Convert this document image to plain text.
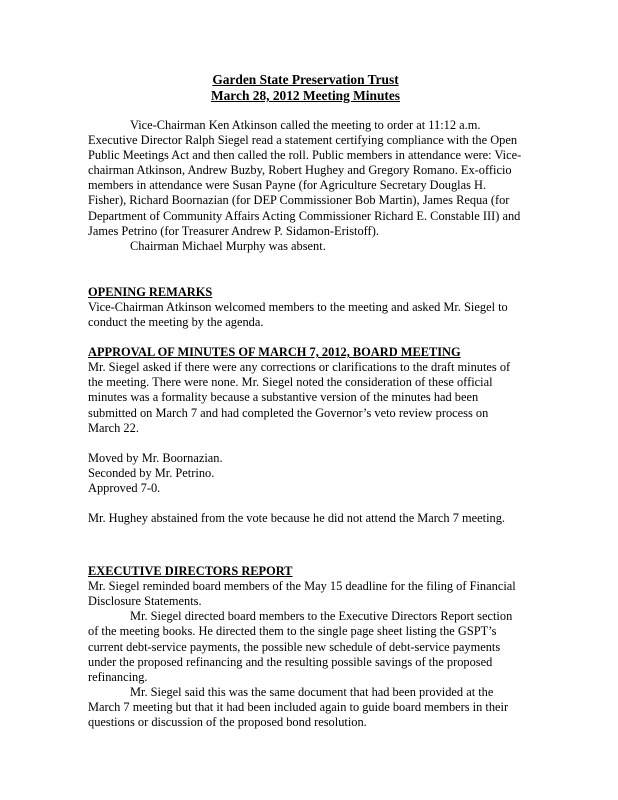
Garden State Preservation Trust

March 28, 2012 Meeting Minutes

Vice-Chairman Ken Atkinson called the meeting to order at 11:12 a.m. Executive Director Ralph Siegel read a statement certifying compliance with the Open Public Meetings Act and then called the roll. Public members in attendance were: Vice-chairman Atkinson, Andrew Buzby, Robert Hughey and Gregory Romano. Ex-officio members in attendance were Susan Payne (for Agriculture Secretary Douglas H. Fisher), Richard Boornazian (for DEP Commissioner Bob Martin), James Requa (for Department of Community Affairs Acting Commissioner Richard E. Constable III) and James Petrino (for Treasurer Andrew P. Sidamon-Eristoff).

Chairman Michael Murphy was absent.

OPENING REMARKS

Vice-Chairman Atkinson welcomed members to the meeting and asked Mr. Siegel to conduct the meeting by the agenda.

APPROVAL OF MINUTES OF MARCH 7, 2012, BOARD MEETING

Mr. Siegel asked if there were any corrections or clarifications to the draft minutes of the meeting. There were none. Mr. Siegel noted the consideration of these official minutes was a formality because a substantive version of the minutes had been submitted on March 7 and had completed the Governor’s veto review process on March 22.

Moved by Mr. Boornazian.

Seconded by Mr. Petrino.

Approved 7-0.

Mr. Hughey abstained from the vote because he did not attend the March 7 meeting.

EXECUTIVE DIRECTORS REPORT

Mr. Siegel reminded board members of the May 15 deadline for the filing of Financial Disclosure Statements.

Mr. Siegel directed board members to the Executive Directors Report section of the meeting books. He directed them to the single page sheet listing the GSPT’s current debt-service payments, the possible new schedule of debt-service payments under the proposed refinancing and the resulting possible savings of the proposed refinancing.

Mr. Siegel said this was the same document that had been provided at the March 7 meeting but that it had been included again to guide board members in their questions or discussion of the proposed bond resolution.
